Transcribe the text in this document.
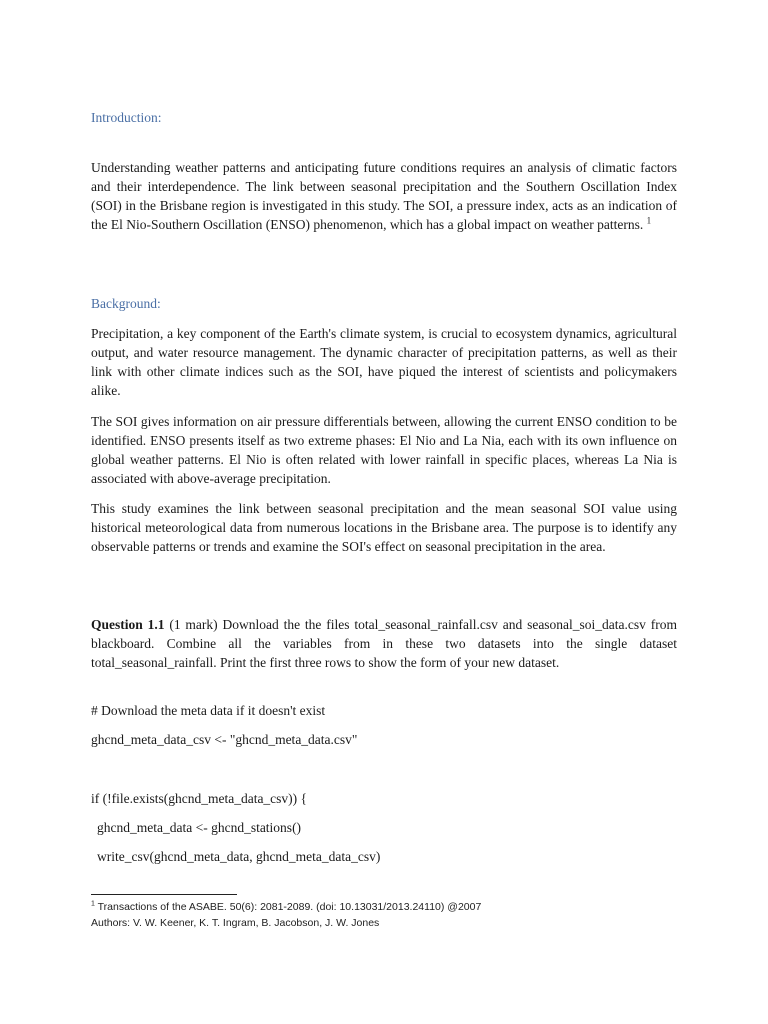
Introduction:
Understanding weather patterns and anticipating future conditions requires an analysis of climatic factors and their interdependence. The link between seasonal precipitation and the Southern Oscillation Index (SOI) in the Brisbane region is investigated in this study. The SOI, a pressure index, acts as an indication of the El Nio-Southern Oscillation (ENSO) phenomenon, which has a global impact on weather patterns. $^1$
Background:
Precipitation, a key component of the Earth's climate system, is crucial to ecosystem dynamics, agricultural output, and water resource management. The dynamic character of precipitation patterns, as well as their link with other climate indices such as the SOI, have piqued the interest of scientists and policymakers alike.
The SOI gives information on air pressure differentials between, allowing the current ENSO condition to be identified. ENSO presents itself as two extreme phases: El Nio and La Nia, each with its own influence on global weather patterns. El Nio is often related with lower rainfall in specific places, whereas La Nia is associated with above-average precipitation.
This study examines the link between seasonal precipitation and the mean seasonal SOI value using historical meteorological data from numerous locations in the Brisbane area. The purpose is to identify any observable patterns or trends and examine the SOI's effect on seasonal precipitation in the area.
Question 1.1 (1 mark) Download the the files total_seasonal_rainfall.csv and seasonal_soi_data.csv from blackboard. Combine all the variables from in these two datasets into the single dataset total_seasonal_rainfall. Print the first three rows to show the form of your new dataset.
# Download the meta data if it doesn't exist
ghcnd_meta_data_csv <- "ghcnd_meta_data.csv"
if (!file.exists(ghcnd_meta_data_csv)) {
ghcnd_meta_data <- ghcnd_stations()
write_csv(ghcnd_meta_data, ghcnd_meta_data_csv)
$^1$ Transactions of the ASABE. 50(6): 2081-2089. (doi: 10.13031/2013.24110) @2007
Authors: V. W. Keener, K. T. Ingram, B. Jacobson, J. W. Jones
